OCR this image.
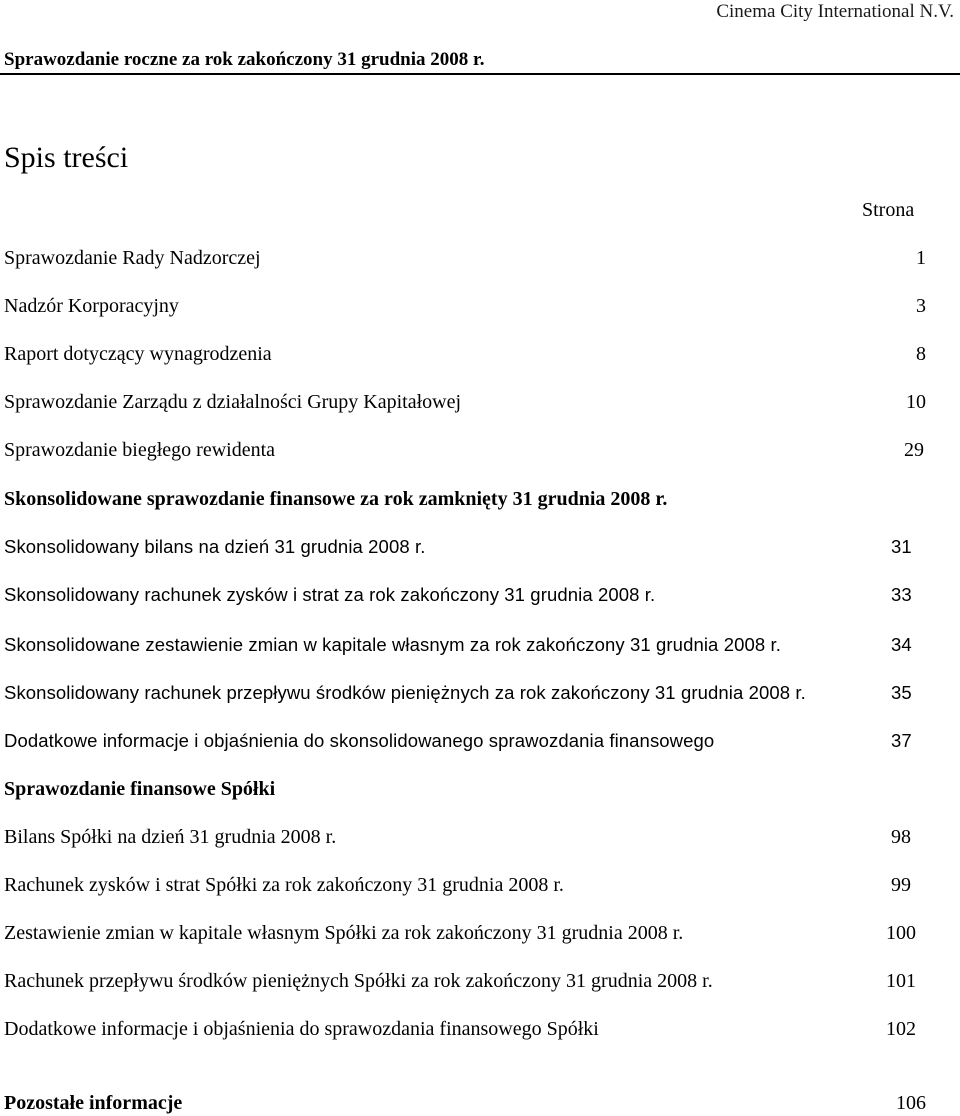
Cinema City International N.V.
Sprawozdanie roczne za rok zakończony 31 grudnia 2008 r.
Spis treści
Strona
Sprawozdanie Rady Nadzorczej	1
Nadzór Korporacyjny	3
Raport dotyczący wynagrodzenia	8
Sprawozdanie Zarządu z działalności Grupy Kapitałowej	10
Sprawozdanie biegłego rewidenta	29
Skonsolidowane sprawozdanie finansowe za rok zamknięty 31 grudnia 2008 r.
Skonsolidowany bilans na dzień 31 grudnia 2008 r.	31
Skonsolidowany rachunek zysków i strat za rok zakończony 31 grudnia 2008 r.	33
Skonsolidowane zestawienie zmian w kapitale własnym za rok zakończony 31 grudnia 2008 r.	34
Skonsolidowany rachunek przepływu środków pieniężnych za rok zakończony 31 grudnia 2008 r.	35
Dodatkowe informacje i objaśnienia do skonsolidowanego sprawozdania finansowego	37
Sprawozdanie finansowe Spółki
Bilans Spółki na dzień 31 grudnia 2008 r.	98
Rachunek zysków i strat Spółki za rok zakończony 31 grudnia 2008 r.	99
Zestawienie zmian w kapitale własnym Spółki za rok zakończony 31 grudnia 2008 r.	100
Rachunek przepływu środków pieniężnych Spółki za rok zakończony 31 grudnia 2008 r.	101
Dodatkowe informacje i objaśnienia do sprawozdania finansowego Spółki	102
Pozostałe informacje	106
